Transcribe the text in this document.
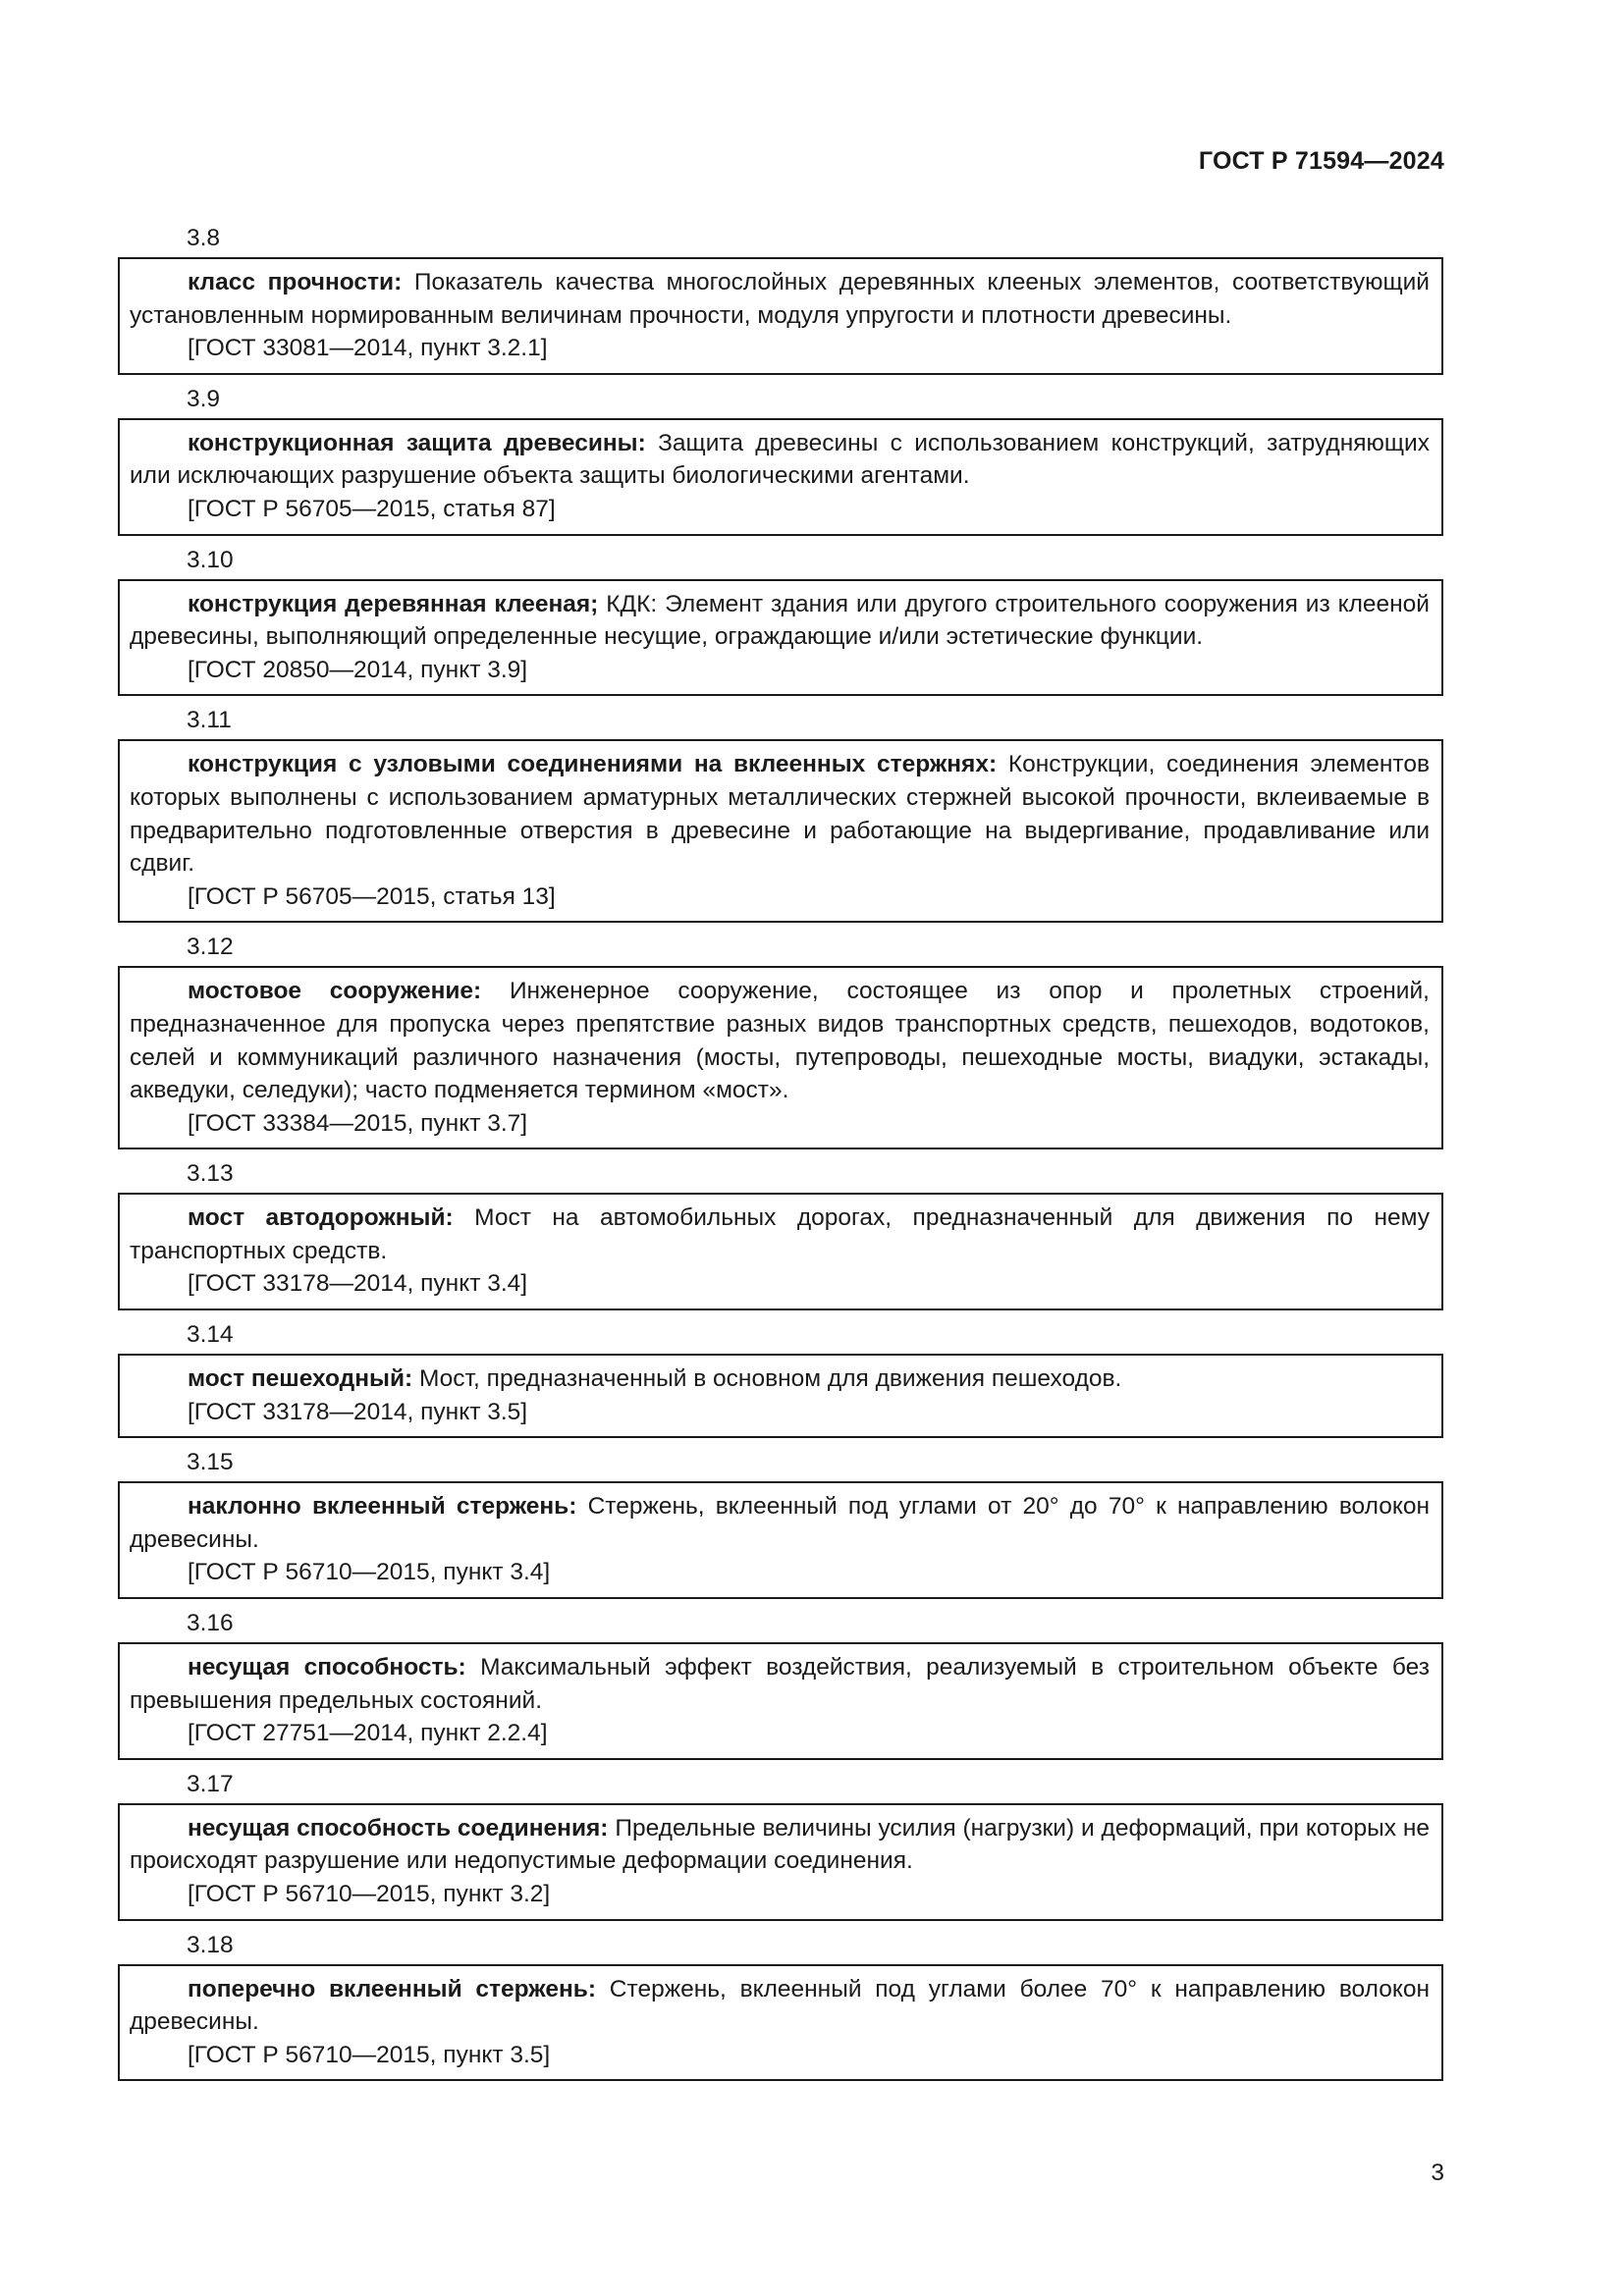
ГОСТ Р 71594—2024
3.8

класс прочности: Показатель качества многослойных деревянных клееных элементов, соответствующий установленным нормированным величинам прочности, модуля упругости и плотности древесины.

[ГОСТ 33081—2014, пункт 3.2.1]

3.9

конструкционная защита древесины: Защита древесины с использованием конструкций, затрудняющих или исключающих разрушение объекта защиты биологическими агентами.

[ГОСТ Р 56705—2015, статья 87]

3.10

конструкция деревянная клееная; КДК: Элемент здания или другого строительного сооружения из клееной древесины, выполняющий определенные несущие, ограждающие и/или эстетические функции.

[ГОСТ 20850—2014, пункт 3.9]

3.11

конструкция с узловыми соединениями на вклеенных стержнях: Конструкции, соединения элементов которых выполнены с использованием арматурных металлических стержней высокой прочности, вклеиваемые в предварительно подготовленные отверстия в древесине и работающие на выдергивание, продавливание или сдвиг.

[ГОСТ Р 56705—2015, статья 13]

3.12

мостовое сооружение: Инженерное сооружение, состоящее из опор и пролетных строений, предназначенное для пропуска через препятствие разных видов транспортных средств, пешеходов, водотоков, селей и коммуникаций различного назначения (мосты, путепроводы, пешеходные мосты, виадуки, эстакады, акведуки, селедуки); часто подменяется термином «мост».

[ГОСТ 33384—2015, пункт 3.7]

3.13

мост автодорожный: Мост на автомобильных дорогах, предназначенный для движения по нему транспортных средств.

[ГОСТ 33178—2014, пункт 3.4]

3.14

мост пешеходный: Мост, предназначенный в основном для движения пешеходов.

[ГОСТ 33178—2014, пункт 3.5]

3.15

наклонно вклеенный стержень: Стержень, вклеенный под углами от 20° до 70° к направлению волокон древесины.

[ГОСТ Р 56710—2015, пункт 3.4]

3.16

несущая способность: Максимальный эффект воздействия, реализуемый в строительном объекте без превышения предельных состояний.

[ГОСТ 27751—2014, пункт 2.2.4]

3.17

несущая способность соединения: Предельные величины усилия (нагрузки) и деформаций, при которых не происходят разрушение или недопустимые деформации соединения.

[ГОСТ Р 56710—2015, пункт 3.2]

3.18

поперечно вклеенный стержень: Стержень, вклеенный под углами более 70° к направлению волокон древесины.

[ГОСТ Р 56710—2015, пункт 3.5]

3
